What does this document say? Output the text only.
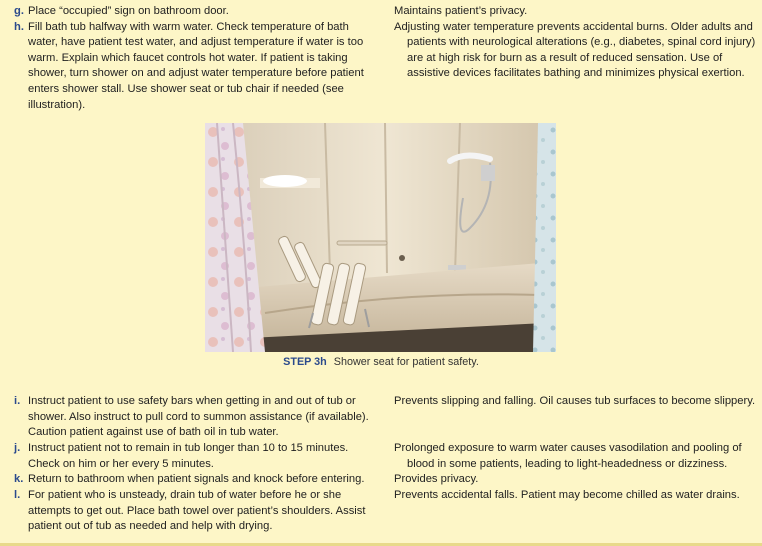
g. Place “occupied” sign on bathroom door.

h. Fill bath tub halfway with warm water. Check temperature of bath water, have patient test water, and adjust temperature if water is too warm. Explain which faucet controls hot water. If patient is taking shower, turn shower on and adjust water temperature before patient enters shower stall. Use shower seat or tub chair if needed (see illustration).

Maintains patient’s privacy.

Adjusting water temperature prevents accidental burns. Older adults and patients with neurological alterations (e.g., diabetes, spinal cord injury) are at high risk for burn as a result of reduced sensation. Use of assistive devices facilitates bathing and minimizes physical exertion.

STEP 3h Shower seat for patient safety.

i. Instruct patient to use safety bars when getting in and out of tub or shower. Also instruct to pull cord to summon assistance (if available). Caution patient against use of bath oil in tub water.

j. Instruct patient not to remain in tub longer than 10 to 15 minutes. Check on him or her every 5 minutes.

k. Return to bathroom when patient signals and knock before entering.

l. For patient who is unsteady, drain tub of water before he or she attempts to get out. Place bath towel over patient’s shoulders. Assist patient out of tub as needed and help with drying.

Prevents slipping and falling. Oil causes tub surfaces to become slippery.

Prolonged exposure to warm water causes vasodilation and pooling of blood in some patients, leading to light-headedness or dizziness.

Provides privacy.

Prevents accidental falls. Patient may become chilled as water drains.
